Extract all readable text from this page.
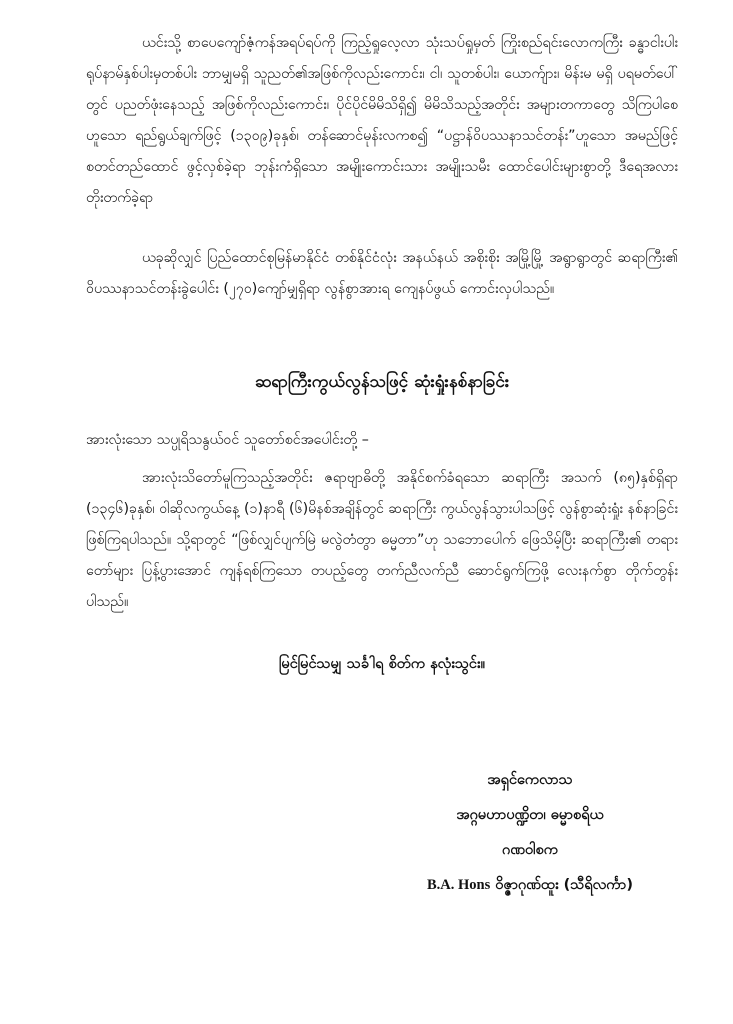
ယင်းသို့ စာပေကျော်ဇံ့ကန်အရပ်ရပ်ကို ကြည့်ရှုလေ့လာ သုံးသပ်ရှုမှတ် ကြိုးစည်ရင်းလောကကြီး ခန္ဓာငါးပါး ရုပ်နာမ်နှစ်ပါးမှတစ်ပါး ဘာမျှမရှိ သူညတ်၏အဖြစ်ကိုလည်းကောင်း၊ ငါ၊ သူတစ်ပါး၊ ယောက်ျား၊ မိန်းမ မရှိ ပရမတ်ပေါ်တွင် ပညတ်ဖုံးနေသည့် အဖြစ်ကိုလည်းကောင်း၊ ပိုင်ပိုင်မိမိသိရှိ၍ မိမိသိသည့်အတိုင်း အများတကာတွေ သိကြပါစေဟူသော ရည်ရွယ်ချက်ဖြင့် (၁၃၀၉)ခုနှစ်၊ တန်ဆောင်မုန်းလကစ၍ “ပဋ္ဌာန်ဝိပဿနာသင်တန်း”ဟူသော အမည်ဖြင့် စတင်တည်ထောင် ဖွင့်လှစ်ခဲ့ရာ ဘုန်းကံရှိသော အမျိုးကောင်းသား အမျိုးသမီး ထောင်ပေါင်းများစွာတို့ ဒီရေအလား တိုးတက်ခဲ့ရာ

ယခုဆိုလျှင် ပြည်ထောင်စုမြန်မာနိုင်ငံ တစ်နိုင်ငံလုံး အနယ်နယ် အစိုးစိုး အမြို့မြို့ အရွာရွာတွင် ဆရာကြီး၏ ဝိပဿနာသင်တန်းခွဲပေါင်း (၂၇၀)ကျော်မျှရှိရာ လွန်စွာအားရ ကျေနပ်ဖွယ် ကောင်းလှပါသည်။

ဆရာကြီးကွယ်လွန်သဖြင့် ဆုံးရှုံးနစ်နာခြင်း

အားလုံးသော သပ္ပုရိသနွယ်ဝင် သူတော်စင်အပေါင်းတို့ –

အားလုံးသိတော်မူကြသည့်အတိုင်း ဇရာဗျာဓိတို့ အနိုင်စက်ခံရသော ဆရာကြီး အသက် (၈၅)နှစ်ရှိရာ (၁၃၄၆)ခုနှစ်၊ ဝါဆိုလကွယ်နေ့ (၁)နာရီ (၆)မိနစ်အချိန်တွင် ဆရာကြီး ကွယ်လွန်သွားပါသဖြင့် လွန်စွာဆုံးရှုံး နစ်နာခြင်း ဖြစ်ကြရပါသည်။ သို့ရာတွင် “ဖြစ်လျှင်ပျက်မြဲ မလွဲတံတွာ ဓမ္မတာ”ဟု သဘောပေါက် ဖြေသိမ့်ပြီး ဆရာကြီး၏ တရားတော်များ ပြန့်ပွားအောင် ကျန်ရစ်ကြသော တပည့်တွေ တက်ညီလက်ညီ ဆောင်ရွက်ကြဖို့ လေးနက်စွာ တိုက်တွန်းပါသည်။

မြင်မြင်သမျှ သင်္ခါရ စိတ်က နလုံးသွင်း။
အရှင်ကေလာသ
အဂ္ဂမဟာပဏ္ဍိတ၊ ဓမ္မာစရိယ
ဂဏဝါစက
B.A. Hons ဝိဇ္ဇာဂုဏ်ထူး (သီရိလင်္ကာ)
